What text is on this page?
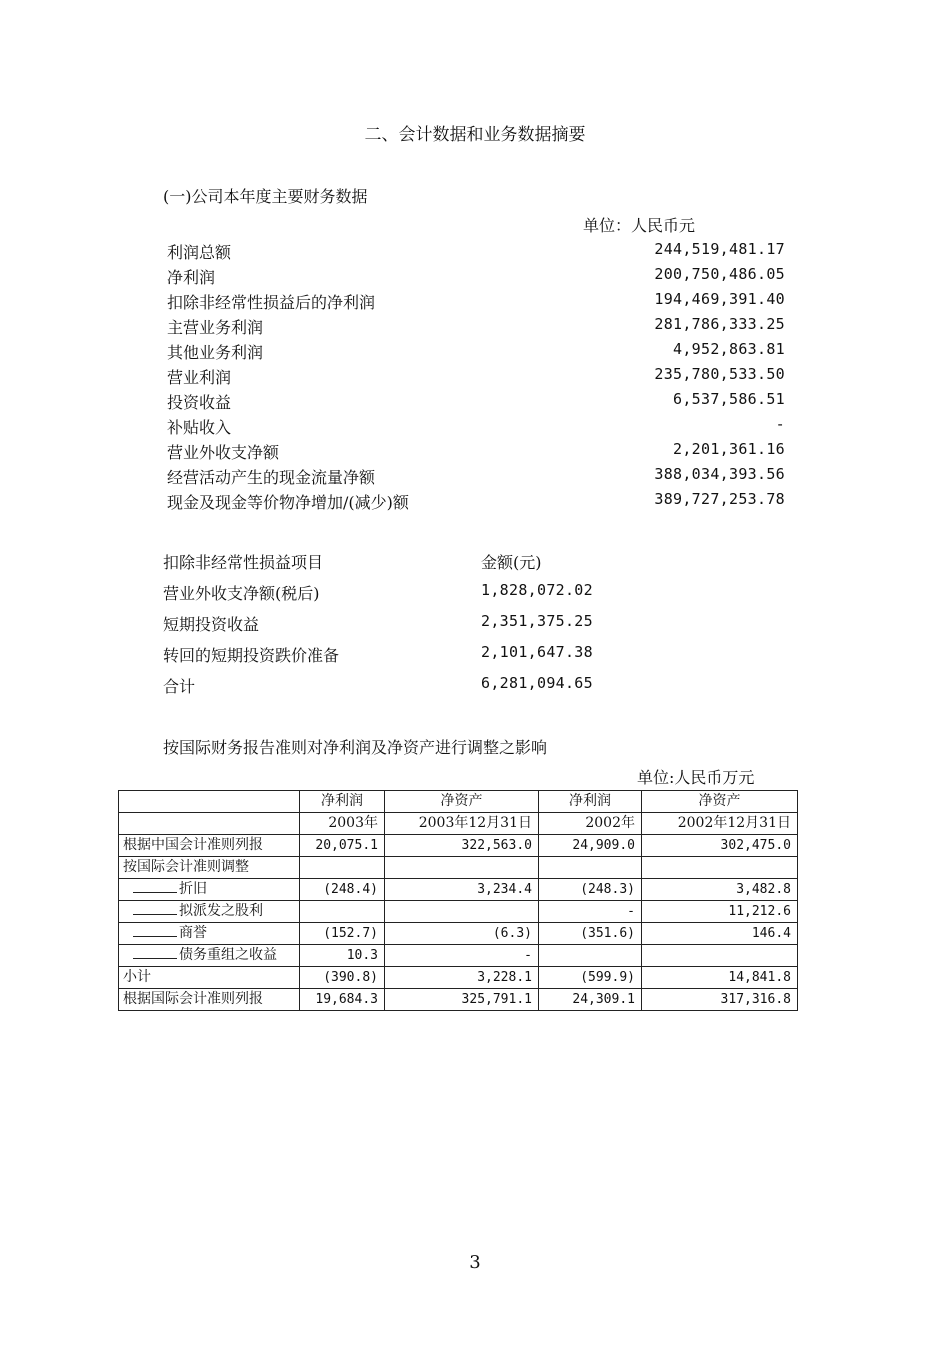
二、会计数据和业务数据摘要
(一)公司本年度主要财务数据
单位：人民币元
利润总额	244,519,481.17
净利润	200,750,486.05
扣除非经常性损益后的净利润	194,469,391.40
主营业务利润	281,786,333.25
其他业务利润	4,952,863.81
营业利润	235,780,533.50
投资收益	6,537,586.51
补贴收入	-
营业外收支净额	2,201,361.16
经营活动产生的现金流量净额	388,034,393.56
现金及现金等价物净增加/(减少)额	389,727,253.78
扣除非经常性损益项目	金额(元)
营业外收支净额(税后)	1,828,072.02
短期投资收益	2,351,375.25
转回的短期投资跌价准备	2,101,647.38
合计	6,281,094.65
按国际财务报告准则对净利润及净资产进行调整之影响
单位:人民币万元
	净利润	净资产	净利润	净资产
	2003年	2003年12月31日	2002年	2002年12月31日
根据中国会计准则列报	20,075.1	322,563.0	24,909.0	302,475.0
按国际会计准则调整				
折旧	(248.4)	3,234.4	(248.3)	3,482.8
拟派发之股利			-	11,212.6
商誉	(152.7)	(6.3)	(351.6)	146.4
债务重组之收益	10.3	-		
小计	(390.8)	3,228.1	(599.9)	14,841.8
根据国际会计准则列报	19,684.3	325,791.1	24,309.1	317,316.8
3
